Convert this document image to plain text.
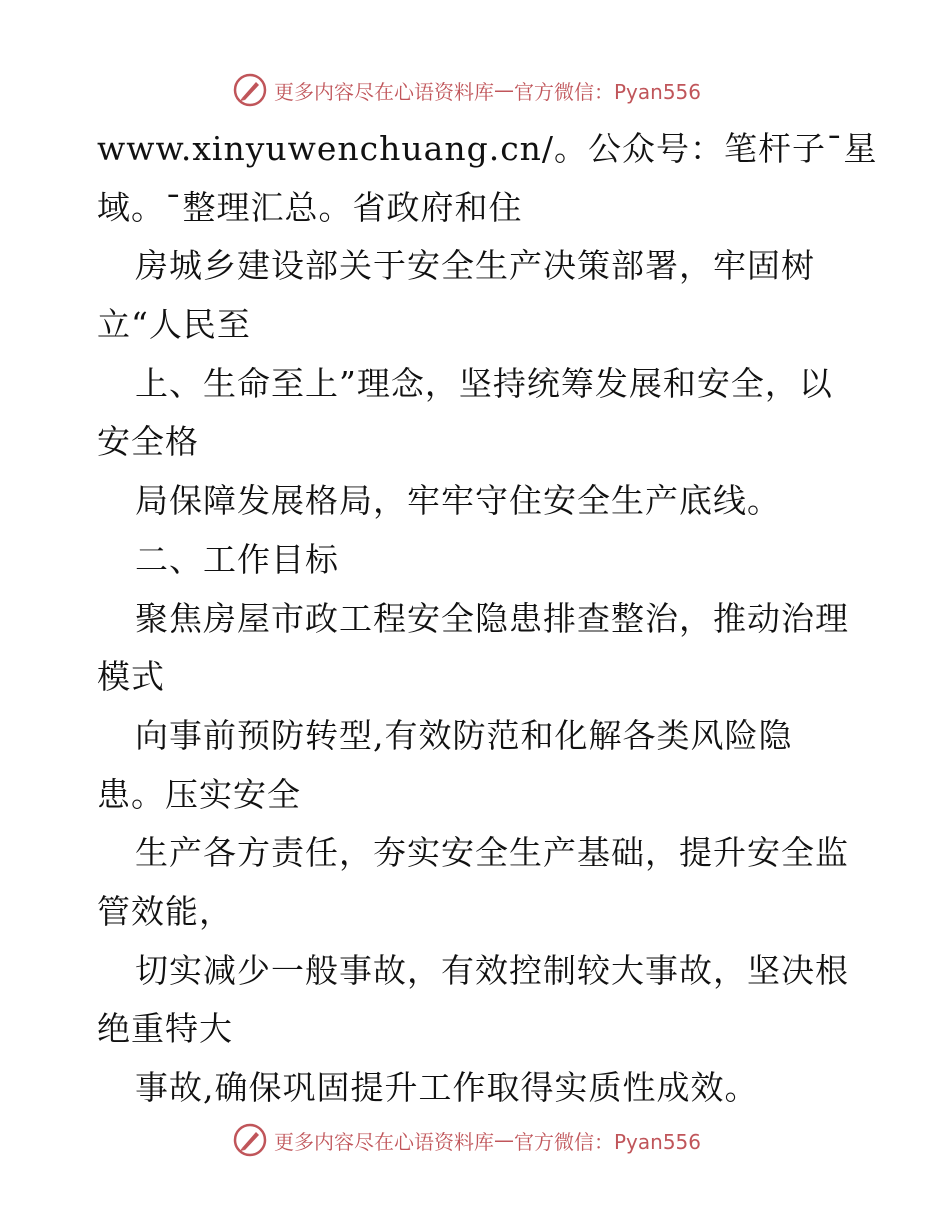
更多内容尽在心语资料库 — 官方微信：Pyan556
www.xinyuwenchuang.cn/。公众号：笔杆子¯星
域。¯整理汇总。省政府和住
房城乡建设部关于安全生产决策部署，牢固树
立“人民至
上、生命至上”理念，坚持统筹发展和安全，以
安全格
局保障发展格局，牢牢守住安全生产底线。
二、工作目标
聚焦房屋市政工程安全隐患排查整治，推动治理
模式
向事前预防转型,有效防范和化解各类风险隐
患。压实安全
生产各方责任，夯实安全生产基础，提升安全监
管效能，
切实减少一般事故，有效控制较大事故，坚决根
绝重特大
事故,确保巩固提升工作取得实质性成效。
更多内容尽在心语资料库 — 官方微信：Pyan556
